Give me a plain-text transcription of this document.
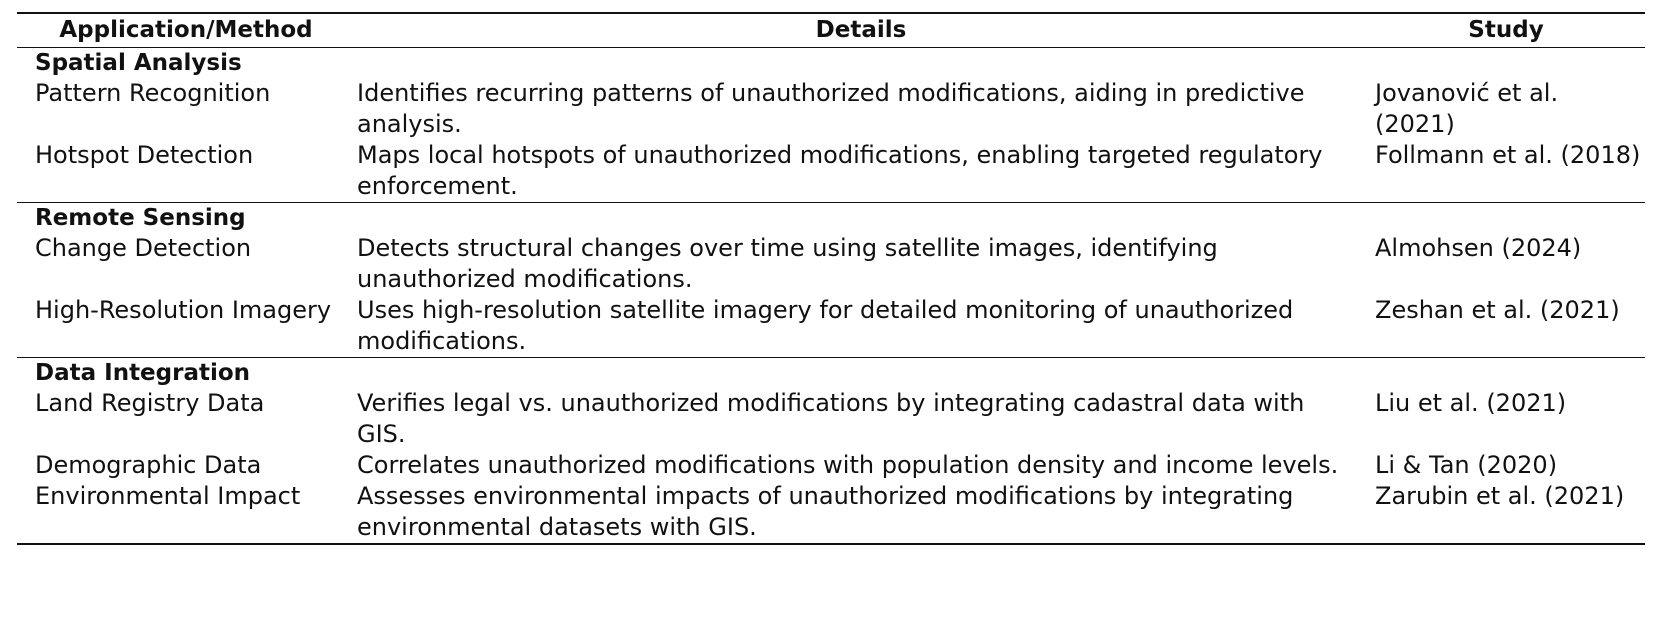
Application/Method	Details	Study
Spatial Analysis		
Pattern Recognition	Identifies recurring patterns of unauthorized modifications, aiding in predictive analysis.	Jovanović et al. (2021)
Hotspot Detection	Maps local hotspots of unauthorized modifications, enabling targeted regulatory enforcement.	Follmann et al. (2018)
Remote Sensing		
Change Detection	Detects structural changes over time using satellite images, identifying unauthorized modifications.	Almohsen (2024)
High-Resolution Imagery	Uses high-resolution satellite imagery for detailed monitoring of unauthorized modifications.	Zeshan et al. (2021)
Data Integration		
Land Registry Data	Verifies legal vs. unauthorized modifications by integrating cadastral data with GIS.	Liu et al. (2021)
Demographic Data	Correlates unauthorized modifications with population density and income levels.	Li & Tan (2020)
Environmental Impact	Assesses environmental impacts of unauthorized modifications by integrating environmental datasets with GIS.	Zarubin et al. (2021)
